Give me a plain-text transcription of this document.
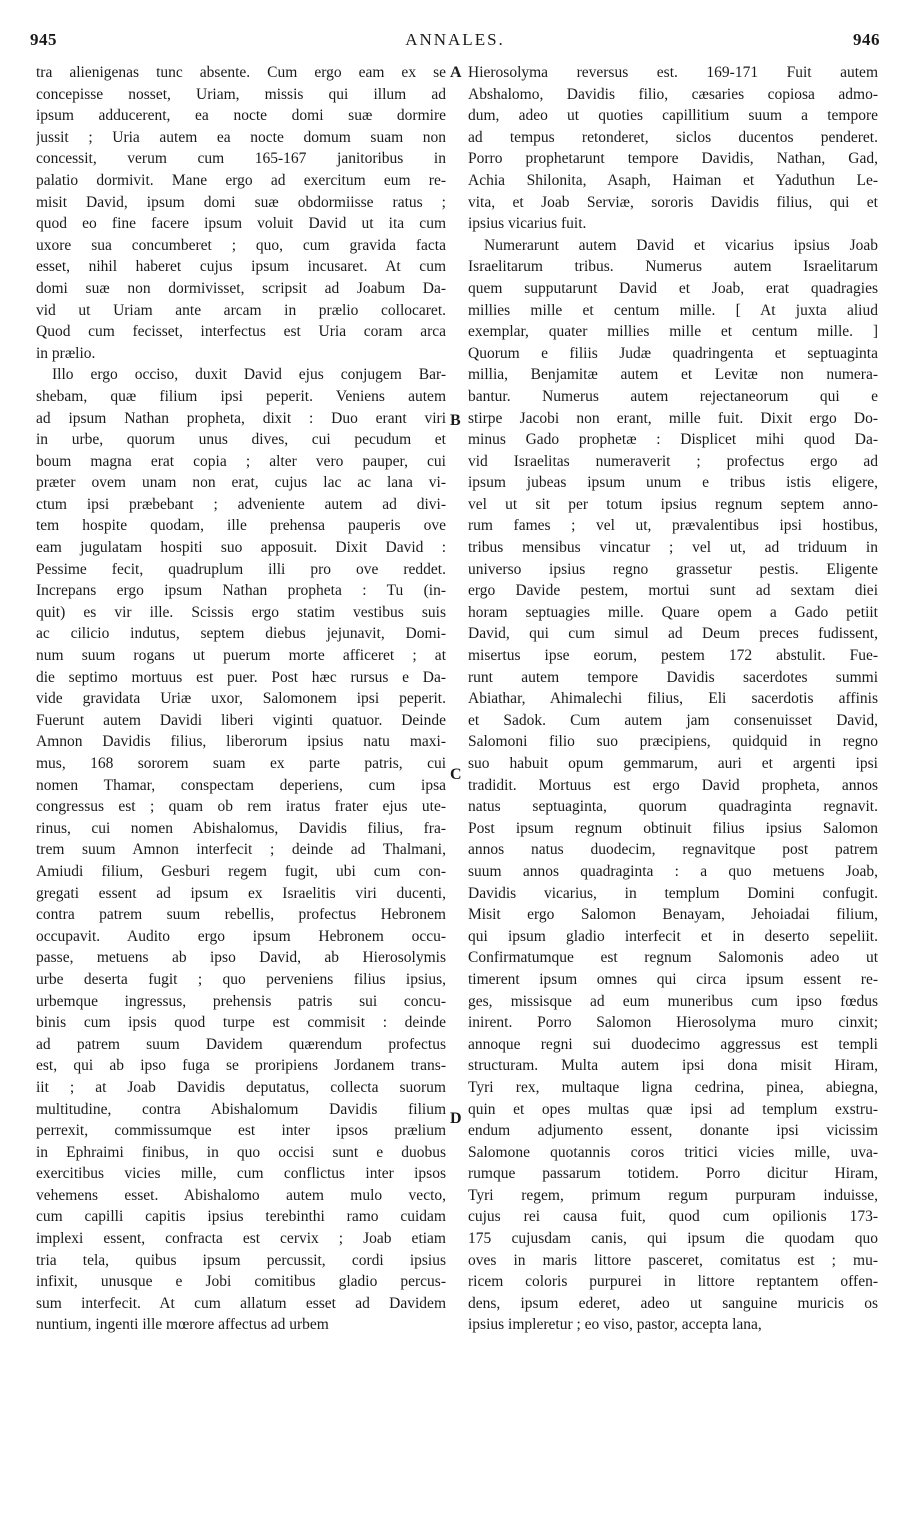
945	ANNALES.	946
tra alienigenas tunc absente. Cum ergo eam ex se
concepisse nosset, Uriam, missis qui illum ad
ipsum adducerent, ea nocte domi suæ dormire
jussit ; Uria autem ea nocte domum suam non
concessit, verum cum 165-167 janitoribus in
palatio dormivit. Mane ergo ad exercitum eum re-
misit David, ipsum domi suæ obdormiisse ratus ;
quod eo fine facere ipsum voluit David ut ita cum
uxore sua concumberet ; quo, cum gravida facta
esset, nihil haberet cujus ipsum incusaret. At cum
domi suæ non dormivisset, scripsit ad Joabum Da-
vid ut Uriam ante arcam in prælio collocaret.
Quod cum fecisset, interfectus est Uria coram arca
in prælio.
Illo ergo occiso, duxit David ejus conjugem Bar-
shebam, quæ filium ipsi peperit. Veniens autem
ad ipsum Nathan propheta, dixit : Duo erant viri
in urbe, quorum unus dives, cui pecudum et
boum magna erat copia ; alter vero pauper, cui
præter ovem unam non erat, cujus lac ac lana vi-
ctum ipsi præbebant ; adveniente autem ad divi-
tem hospite quodam, ille prehensa pauperis ove
eam jugulatam hospiti suo apposuit. Dixit David :
Pessime fecit, quadruplum illi pro ove reddet.
Increpans ergo ipsum Nathan propheta : Tu (in-
quit) es vir ille. Scissis ergo statim vestibus suis
ac cilicio indutus, septem diebus jejunavit, Domi-
num suum rogans ut puerum morte afficeret ; at
die septimo mortuus est puer. Post hæc rursus e Da-
vide gravidata Uriæ uxor, Salomonem ipsi peperit.
Fuerunt autem Davidi liberi viginti quatuor. Deinde
Amnon Davidis filius, liberorum ipsius natu maxi-
mus, 168 sororem suam ex parte patris, cui
nomen Thamar, conspectam deperiens, cum ipsa
congressus est ; quam ob rem iratus frater ejus ute-
rinus, cui nomen Abishalomus, Davidis filius, fra-
trem suum Amnon interfecit ; deinde ad Thalmani,
Amiudi filium, Gesburi regem fugit, ubi cum con-
gregati essent ad ipsum ex Israelitis viri ducenti,
contra patrem suum rebellis, profectus Hebronem
occupavit. Audito ergo ipsum Hebronem occu-
passe, metuens ab ipso David, ab Hierosolymis
urbe deserta fugit ; quo perveniens filius ipsius,
urbemque ingressus, prehensis patris sui concu-
binis cum ipsis quod turpe est commisit : deinde
ad patrem suum Davidem quærendum profectus
est, qui ab ipso fuga se proripiens Jordanem trans-
iit ; at Joab Davidis deputatus, collecta suorum
multitudine, contra Abishalomum Davidis filium
perrexit, commissumque est inter ipsos prælium
in Ephraimi finibus, in quo occisi sunt e duobus
exercitibus vicies mille, cum conflictus inter ipsos
vehemens esset. Abishalomo autem mulo vecto,
cum capilli capitis ipsius terebinthi ramo cuidam
implexi essent, confracta est cervix ; Joab etiam
tria tela, quibus ipsum percussit, cordi ipsius
infixit, unusque e Jobi comitibus gladio percus-
sum interfecit. At cum allatum esset ad Davidem
nuntium, ingenti ille mœrore affectus ad urbem
Hierosolyma reversus est. 169-171 Fuit autem
Abshalomo, Davidis filio, cæsaries copiosa admo-
dum, adeo ut quoties capillitium suum a tempore
ad tempus retonderet, siclos ducentos penderet.
Porro prophetarunt tempore Davidis, Nathan, Gad,
Achia Shilonita, Asaph, Haiman et Yaduthun Le-
vita, et Joab Serviæ, sororis Davidis filius, qui et
ipsius vicarius fuit.
Numerarunt autem David et vicarius ipsius Joab
Israelitarum tribus. Numerus autem Israelitarum
quem supputarunt David et Joab, erat quadragies
millies mille et centum mille. [ At juxta aliud
exemplar, quater millies mille et centum mille. ]
Quorum e filiis Judæ quadringenta et septuaginta
millia, Benjamitæ autem et Levitæ non numera-
bantur. Numerus autem rejectaneorum qui e
stirpe Jacobi non erant, mille fuit. Dixit ergo Do-
minus Gado prophetæ : Displicet mihi quod Da-
vid Israelitas numeraverit ; profectus ergo ad
ipsum jubeas ipsum unum e tribus istis eligere,
vel ut sit per totum ipsius regnum septem anno-
rum fames ; vel ut, prævalentibus ipsi hostibus,
tribus mensibus vincatur ; vel ut, ad triduum in
universo ipsius regno grassetur pestis. Eligente
ergo Davide pestem, mortui sunt ad sextam diei
horam septuagies mille. Quare opem a Gado petiit
David, qui cum simul ad Deum preces fudissent,
misertus ipse eorum, pestem 172 abstulit. Fue-
runt autem tempore Davidis sacerdotes summi
Abiathar, Ahimalechi filius, Eli sacerdotis affinis
et Sadok. Cum autem jam consenuisset David,
Salomoni filio suo præcipiens, quidquid in regno
suo habuit opum gemmarum, auri et argenti ipsi
tradidit. Mortuus est ergo David propheta, annos
natus septuaginta, quorum quadraginta regnavit.
Post ipsum regnum obtinuit filius ipsius Salomon
annos natus duodecim, regnavitque post patrem
suum annos quadraginta : a quo metuens Joab,
Davidis vicarius, in templum Domini confugit.
Misit ergo Salomon Benayam, Jehoiadai filium,
qui ipsum gladio interfecit et in deserto sepeliit.
Confirmatumque est regnum Salomonis adeo ut
timerent ipsum omnes qui circa ipsum essent re-
ges, missisque ad eum muneribus cum ipso fœdus
inirent. Porro Salomon Hierosolyma muro cinxit;
annoque regni sui duodecimo aggressus est templi
structuram. Multa autem ipsi dona misit Hiram,
Tyri rex, multaque ligna cedrina, pinea, abiegna,
quin et opes multas quæ ipsi ad templum exstru-
endum adjumento essent, donante ipsi vicissim
Salomone quotannis coros tritici vicies mille, uva-
rumque passarum totidem. Porro dicitur Hiram,
Tyri regem, primum regum purpuram induisse,
cujus rei causa fuit, quod cum opilionis 173-
175 cujusdam canis, qui ipsum die quodam quo
oves in maris littore pasceret, comitatus est ; mu-
ricem coloris purpurei in littore reptantem offen-
dens, ipsum ederet, adeo ut sanguine muricis os
ipsius impleretur ; eo viso, pastor, accepta lana,
A
B
C
D
